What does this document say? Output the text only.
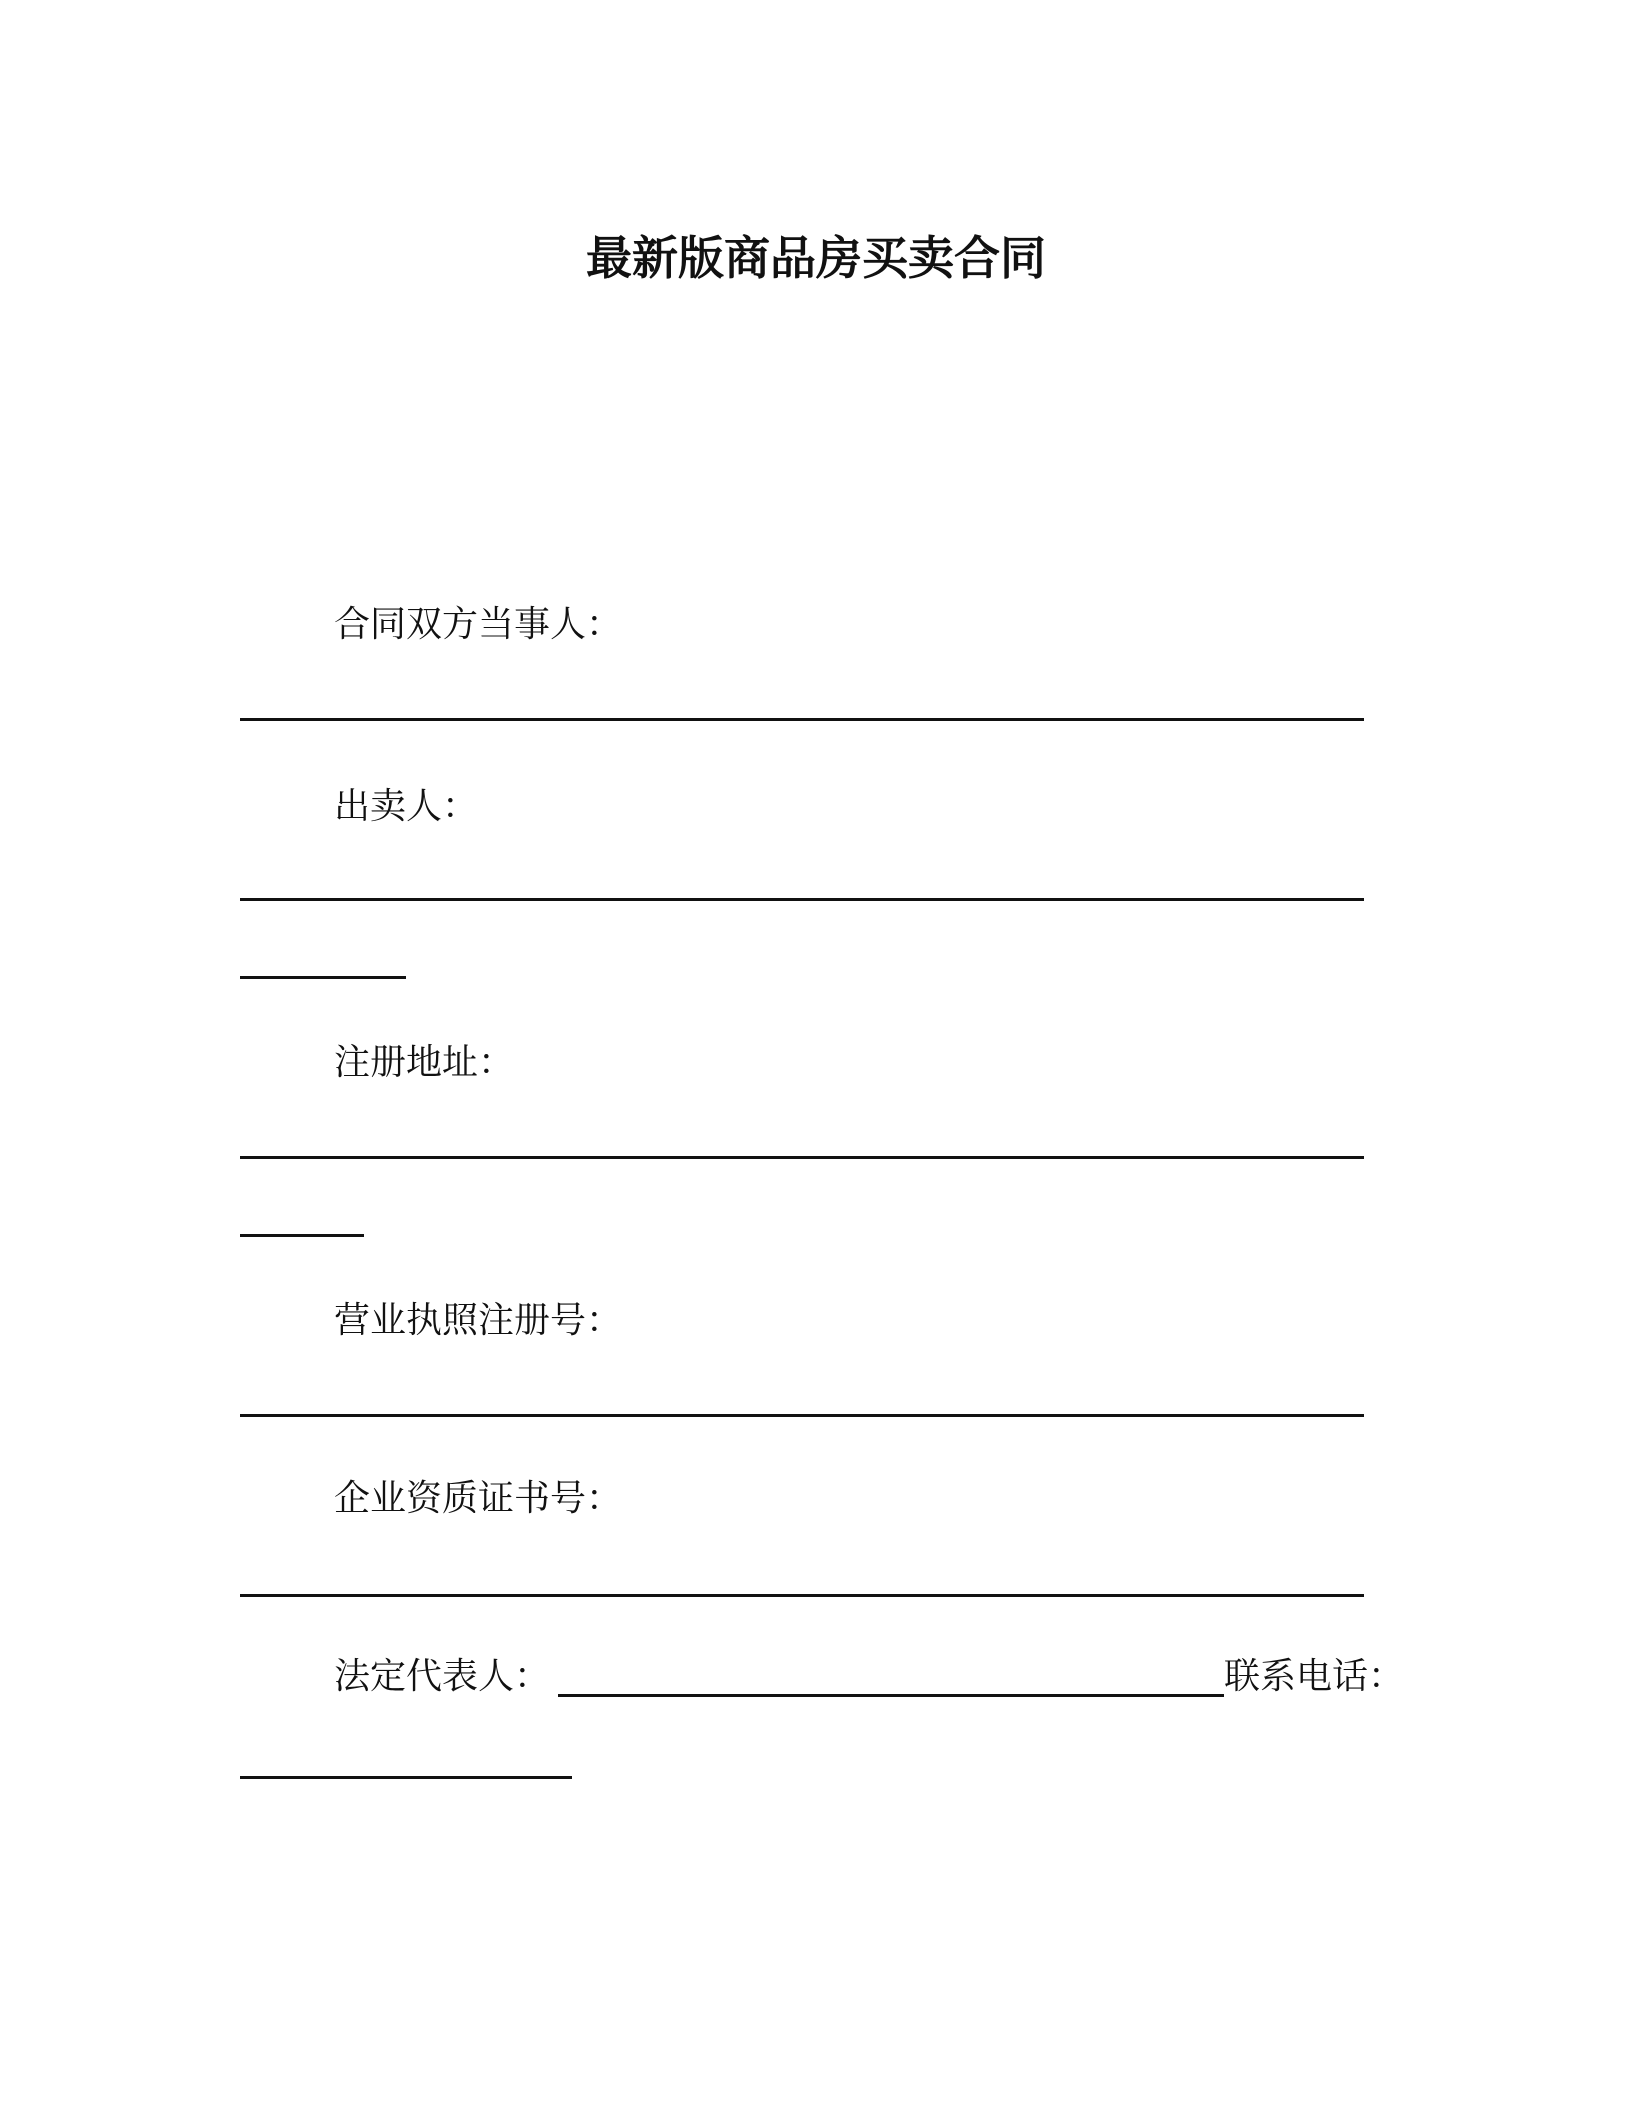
最新版商品房买卖合同
合同双方当事人：
出卖人：
注册地址：
营业执照注册号：
企业资质证书号：
法定代表人：	联系电话：
